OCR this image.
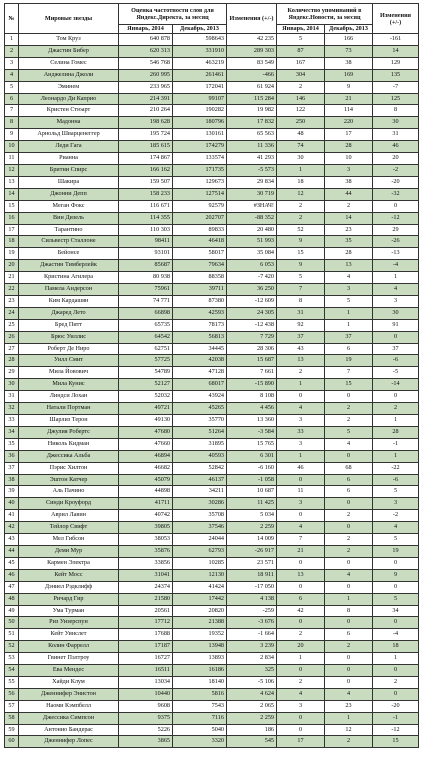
№	Мировые звезды	Оценка частотности слов для Яндекс.Директа, за месяц		Изменения (+/-)	Количество упоминаний в Яндекс.Новости, за месяц		Изменения (+/-)
		Январь, 2014	Декабрь, 2013		Январь, 2014	Декабрь, 2013	
1	Том Круз	640 878	598643	42 235	5	166	-161
2	Джастин Бибер	620 313	331910	289 303	87	73	14
3	Селина Гомес	546 768	463219	83 549	167	38	129
4	Анджелина Джоли	260 995	261461	-466	304	169	135
5	Эминем	233 965	172041	61 924	2	9	-7
6	Леонардо Ди Каприо	214 391	99107	115 284	146	21	125
7	Кристен Стюарт	210 264	190282	19 982	122	114	8
8	Мадонна	198 628	180796	17 832	250	220	30
9	Арнольд Шварценеггер	195 724	130161	65 563	48	17	31
10	Леди Гага	185 615	174279	11 336	74	28	46
11	Рианна	174 867	133574	41 293	30	10	20
12	Бритни Спирс	166 162	171735	-5 573	1	3	-2
13	Шакира	159 507	129673	29 834	18	38	-20
14	Джонни Депп	158 233	127514	30 719	12	44	-32
15	Меган Фокс	116 671	92579	#ЗНАЧ!	2	2	0
16	Вин Дизель	114 355	202707	-88 352	2	14	-12
17	Тарантино	110 303	89833	20 480	52	23	29
18	Сильвестр Сталлоне	98411	46418	51 993	9	35	-26
19	Бейонсе	93101	58017	35 084	15	28	-13
20	Джастин Тимберлейк	85687	79634	6 053	9	13	-4
21	Кристина Агилера	80 938	88358	-7 420	5	4	1
22	Памела Андерсон	75961	39711	36 250	7	3	4
23	Ким Кардашян	74 771	87380	-12 609	8	5	3
24	Джаред Лето	66898	42593	24 305	31	1	30
25	Бред Питт	65735	78173	-12 438	92	1	91
26	Брюс Уиллис	64542	56813	7 729	37	37	0
27	Роберт Де Ниро	62751	34445	28 306	43	6	37
28	Уилл Смит	57725	42038	15 687	13	19	-6
29	Мила Йовович	54789	47128	7 661	2	7	-5
30	Мила Кунис	52127	68017	-15 890	1	15	-14
31	Линдси Лохан	52032	43924	8 108	0	0	0
32	Натали Портман	49721	45265	4 456	4	2	2
33	Шарлиз Терон	49130	35770	13 360	3	2	1
34	Джулия Робертс	47680	51264	-3 584	33	5	28
35	Николь Кидман	47660	31895	15 765	3	4	-1
36	Джессика Альба	46894	40593	6 301	1	0	1
37	Пэрис Хилтон	46682	52842	-6 160	46	68	-22
38	Эштон Катчер	45079	46137	-1 058	0	6	-6
39	Аль Пачино	44898	34211	10 687	11	6	5
40	Синди Кроуфорд	41711	30286	11 425	3	0	3
41	Аврил Лавин	40742	35708	5 034	0	2	-2
42	Тейлор Свифт	39805	37546	2 259	4	0	4
43	Мел Гибсон	38053	24044	14 009	7	2	5
44	Деми Мур	35876	62793	-26 917	21	2	19
45	Кармен Электра	33856	10285	23 571	0	0	0
46	Кейт Мосс	31041	12130	18 911	13	4	9
47	Дэниел Рэдклифф	24374	41424	-17 050	0	0	0
48	Ричард Гир	21580	17442	4 138	6	1	5
49	Ума Турман	20561	20820	-259	42	8	34
50	Риз Уизерспун	17712	21388	-3 676	0	0	0
51	Кейт Уинслет	17688	19352	-1 664	2	6	-4
52	Колин Фаррелл	17187	13948	3 239	20	2	18
53	Гвинет Пэлтроу	16727	13893	2 834	1	0	1
54	Ева Мендес	16511	16186	325	0	0	0
55	Хайди Клум	13034	18140	-5 106	2	0	2
56	Дженнифер Энистон	10440	5816	4 624	4	4	0
57	Наоми Кэмпбелл	9608	7543	2 065	3	23	-20
58	Джессика Симпсон	9375	7116	2 259	0	1	-1
59	Антонио Бандерас	5226	5040	186	0	12	-12
60	Дженнифер Лопес	3865	3320	545	17	2	15
